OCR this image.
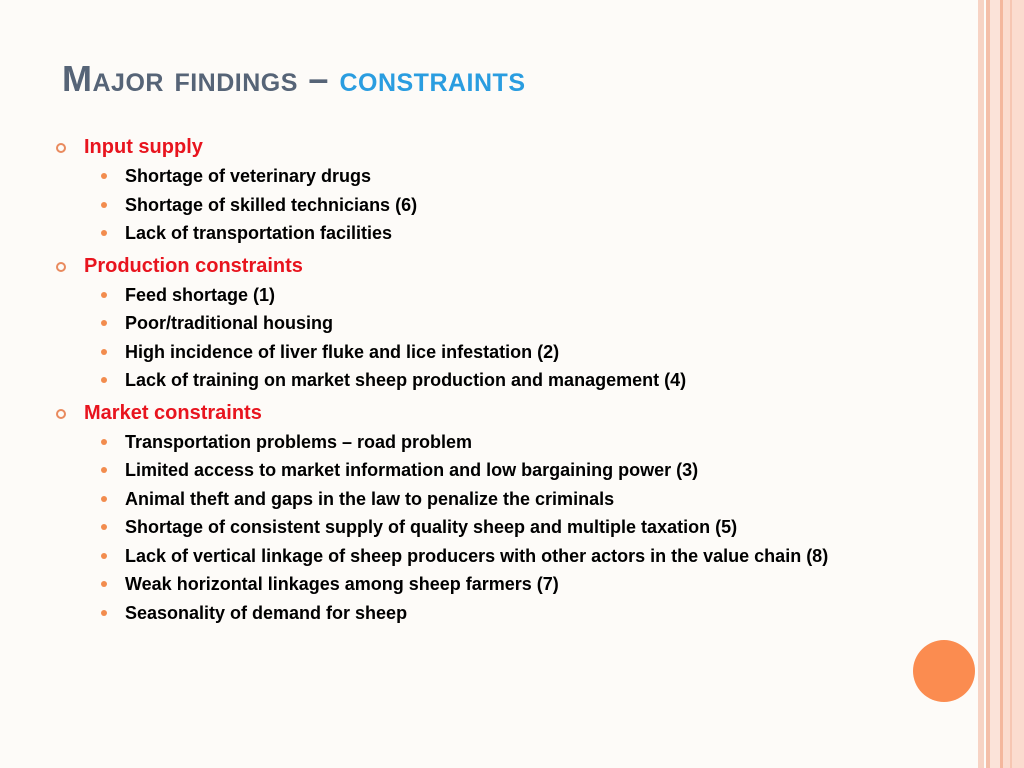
Major findings – constraints
Input supply
Shortage of veterinary drugs
Shortage of skilled technicians (6)
Lack of transportation facilities
Production constraints
Feed shortage (1)
Poor/traditional housing
High incidence of liver fluke and lice infestation (2)
Lack of training on market sheep production and management (4)
Market constraints
Transportation problems – road problem
Limited access to market information and low bargaining power (3)
Animal theft and gaps in the law to penalize the criminals
Shortage of consistent supply of quality sheep and multiple taxation (5)
Lack of vertical linkage of sheep producers with other actors in the value chain (8)
Weak horizontal linkages among sheep farmers (7)
Seasonality of demand for sheep
